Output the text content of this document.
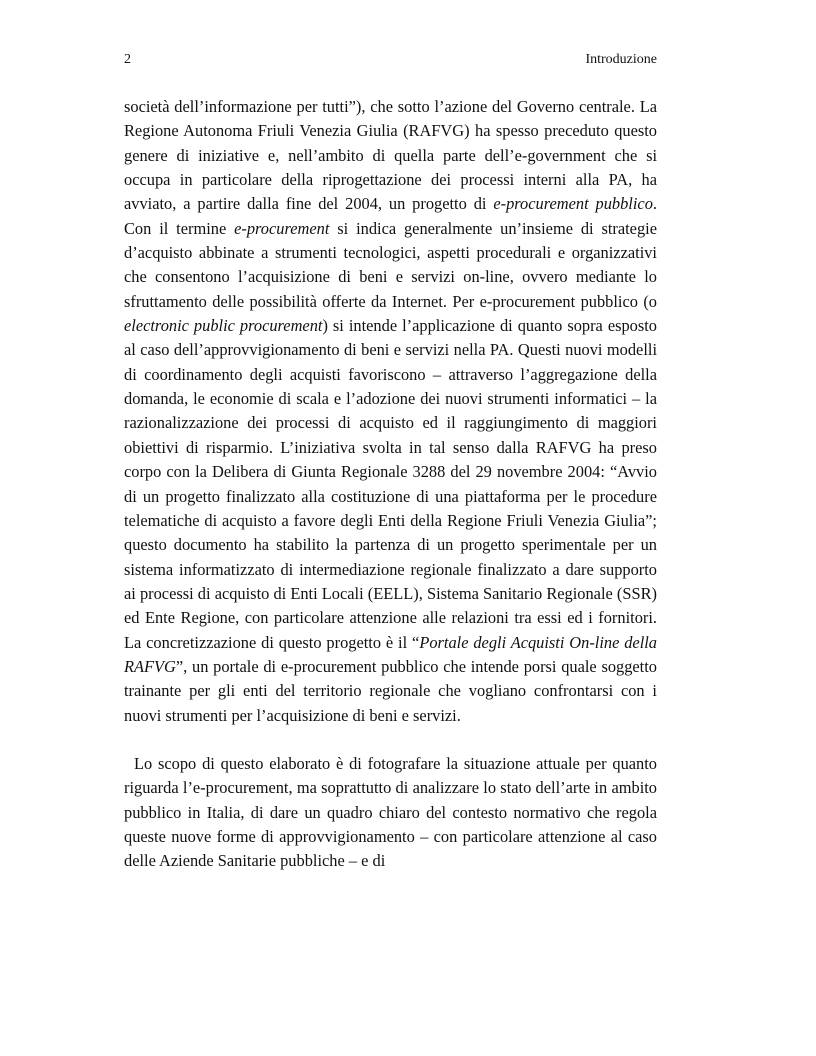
2	Introduzione

società dell’informazione per tutti”), che sotto l’azione del Governo centrale. La Regione Autonoma Friuli Venezia Giulia (RAFVG) ha spesso preceduto questo genere di iniziative e, nell’ambito di quella parte dell’e-government che si occupa in particolare della riprogettazione dei processi interni alla PA, ha avviato, a partire dalla fine del 2004, un progetto di e-procurement pubblico. Con il termine e-procurement si indica generalmente un’insieme di strategie d’acquisto abbinate a strumenti tecnologici, aspetti procedurali e organizzativi che consentono l’acquisizione di beni e servizi on-line, ovvero mediante lo sfruttamento delle possibilità offerte da Internet. Per e-procurement pubblico (o electronic public procurement) si intende l’applicazione di quanto sopra esposto al caso dell’approvvigionamento di beni e servizi nella PA. Questi nuovi modelli di coordinamento degli acquisti favoriscono – attraverso l’aggregazione della domanda, le economie di scala e l’adozione dei nuovi strumenti informatici – la razionalizzazione dei processi di acquisto ed il raggiungimento di maggiori obiettivi di risparmio. L’iniziativa svolta in tal senso dalla RAFVG ha preso corpo con la Delibera di Giunta Regionale 3288 del 29 novembre 2004: “Avvio di un progetto finalizzato alla costituzione di una piattaforma per le procedure telematiche di acquisto a favore degli Enti della Regione Friuli Venezia Giulia”; questo documento ha stabilito la partenza di un progetto sperimentale per un sistema informatizzato di intermediazione regionale finalizzato a dare supporto ai processi di acquisto di Enti Locali (EELL), Sistema Sanitario Regionale (SSR) ed Ente Regione, con particolare attenzione alle relazioni tra essi ed i fornitori. La concretizzazione di questo progetto è il “Portale degli Acquisti On-line della RAFVG”, un portale di e-procurement pubblico che intende porsi quale soggetto trainante per gli enti del territorio regionale che vogliano confrontarsi con i nuovi strumenti per l’acquisizione di beni e servizi.

Lo scopo di questo elaborato è di fotografare la situazione attuale per quanto riguarda l’e-procurement, ma soprattutto di analizzare lo stato dell’arte in ambito pubblico in Italia, di dare un quadro chiaro del contesto normativo che regola queste nuove forme di approvvigionamento – con particolare attenzione al caso delle Aziende Sanitarie pubbliche – e di
